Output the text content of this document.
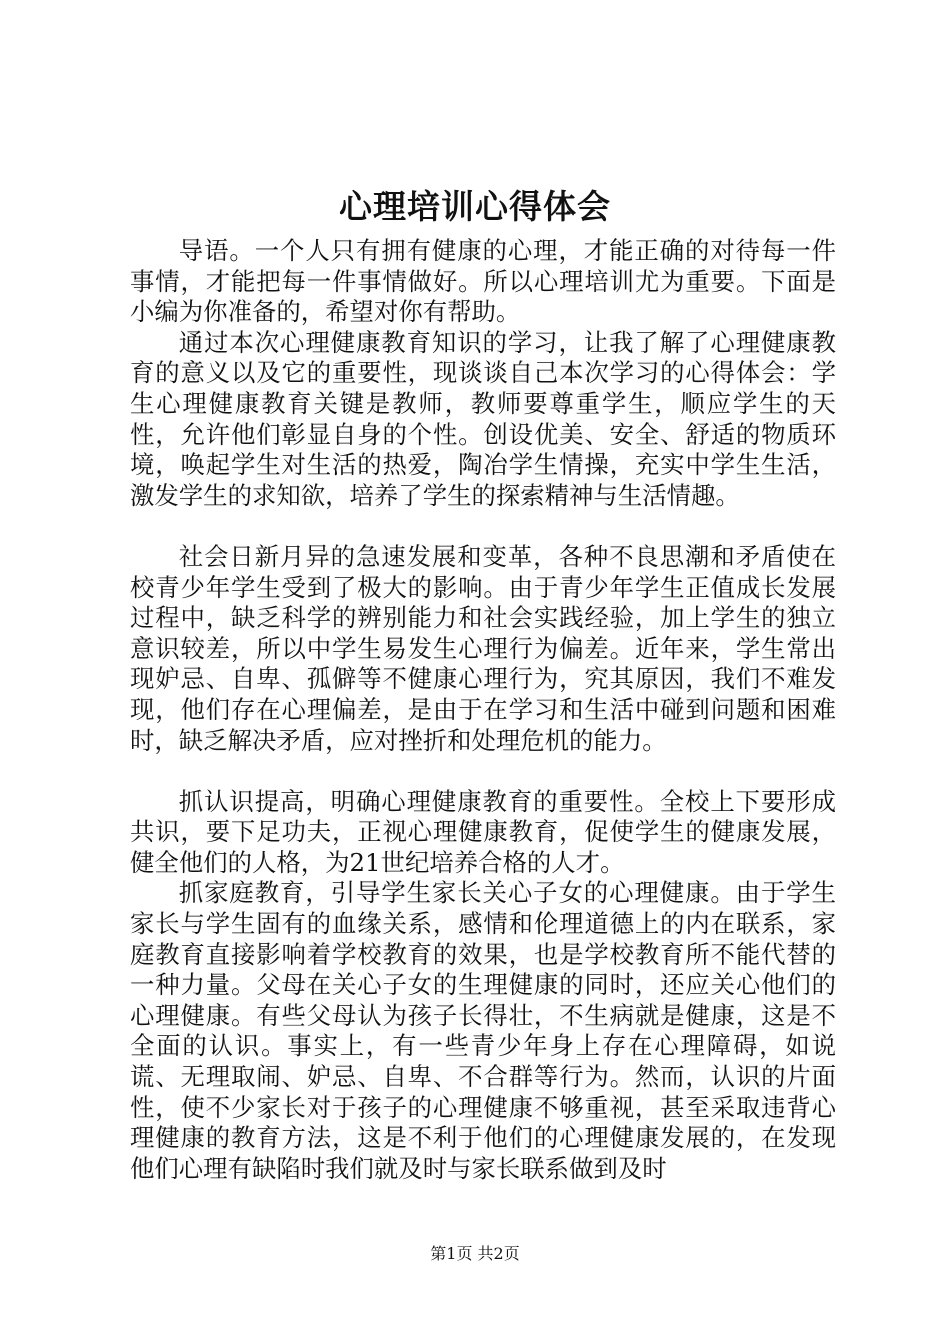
心理培训心得体会

导语。一个人只有拥有健康的心理，才能正确的对待每一件事情，才能把每一件事情做好。所以心理培训尤为重要。下面是小编为你准备的，希望对你有帮助。

通过本次心理健康教育知识的学习，让我了解了心理健康教育的意义以及它的重要性，现谈谈自己本次学习的心得体会：学生心理健康教育关键是教师，教师要尊重学生，顺应学生的天性，允许他们彰显自身的个性。创设优美、安全、舒适的物质环境，唤起学生对生活的热爱，陶冶学生情操，充实中学生生活，激发学生的求知欲，培养了学生的探索精神与生活情趣。

社会日新月异的急速发展和变革，各种不良思潮和矛盾使在校青少年学生受到了极大的影响。由于青少年学生正值成长发展过程中，缺乏科学的辨别能力和社会实践经验，加上学生的独立意识较差，所以中学生易发生心理行为偏差。近年来，学生常出现妒忌、自卑、孤僻等不健康心理行为，究其原因，我们不难发现，他们存在心理偏差，是由于在学习和生活中碰到问题和困难时，缺乏解决矛盾，应对挫折和处理危机的能力。

抓认识提高，明确心理健康教育的重要性。全校上下要形成共识，要下足功夫，正视心理健康教育，促使学生的健康发展，健全他们的人格，为21世纪培养合格的人才。

抓家庭教育，引导学生家长关心子女的心理健康。由于学生家长与学生固有的血缘关系，感情和伦理道德上的内在联系，家庭教育直接影响着学校教育的效果，也是学校教育所不能代替的一种力量。父母在关心子女的生理健康的同时，还应关心他们的心理健康。有些父母认为孩子长得壮，不生病就是健康，这是不全面的认识。事实上，有一些青少年身上存在心理障碍，如说谎、无理取闹、妒忌、自卑、不合群等行为。然而，认识的片面性，使不少家长对于孩子的心理健康不够重视，甚至采取违背心理健康的教育方法，这是不利于他们的心理健康发展的，在发现他们心理有缺陷时我们就及时与家长联系做到及时

第1页 共2页
